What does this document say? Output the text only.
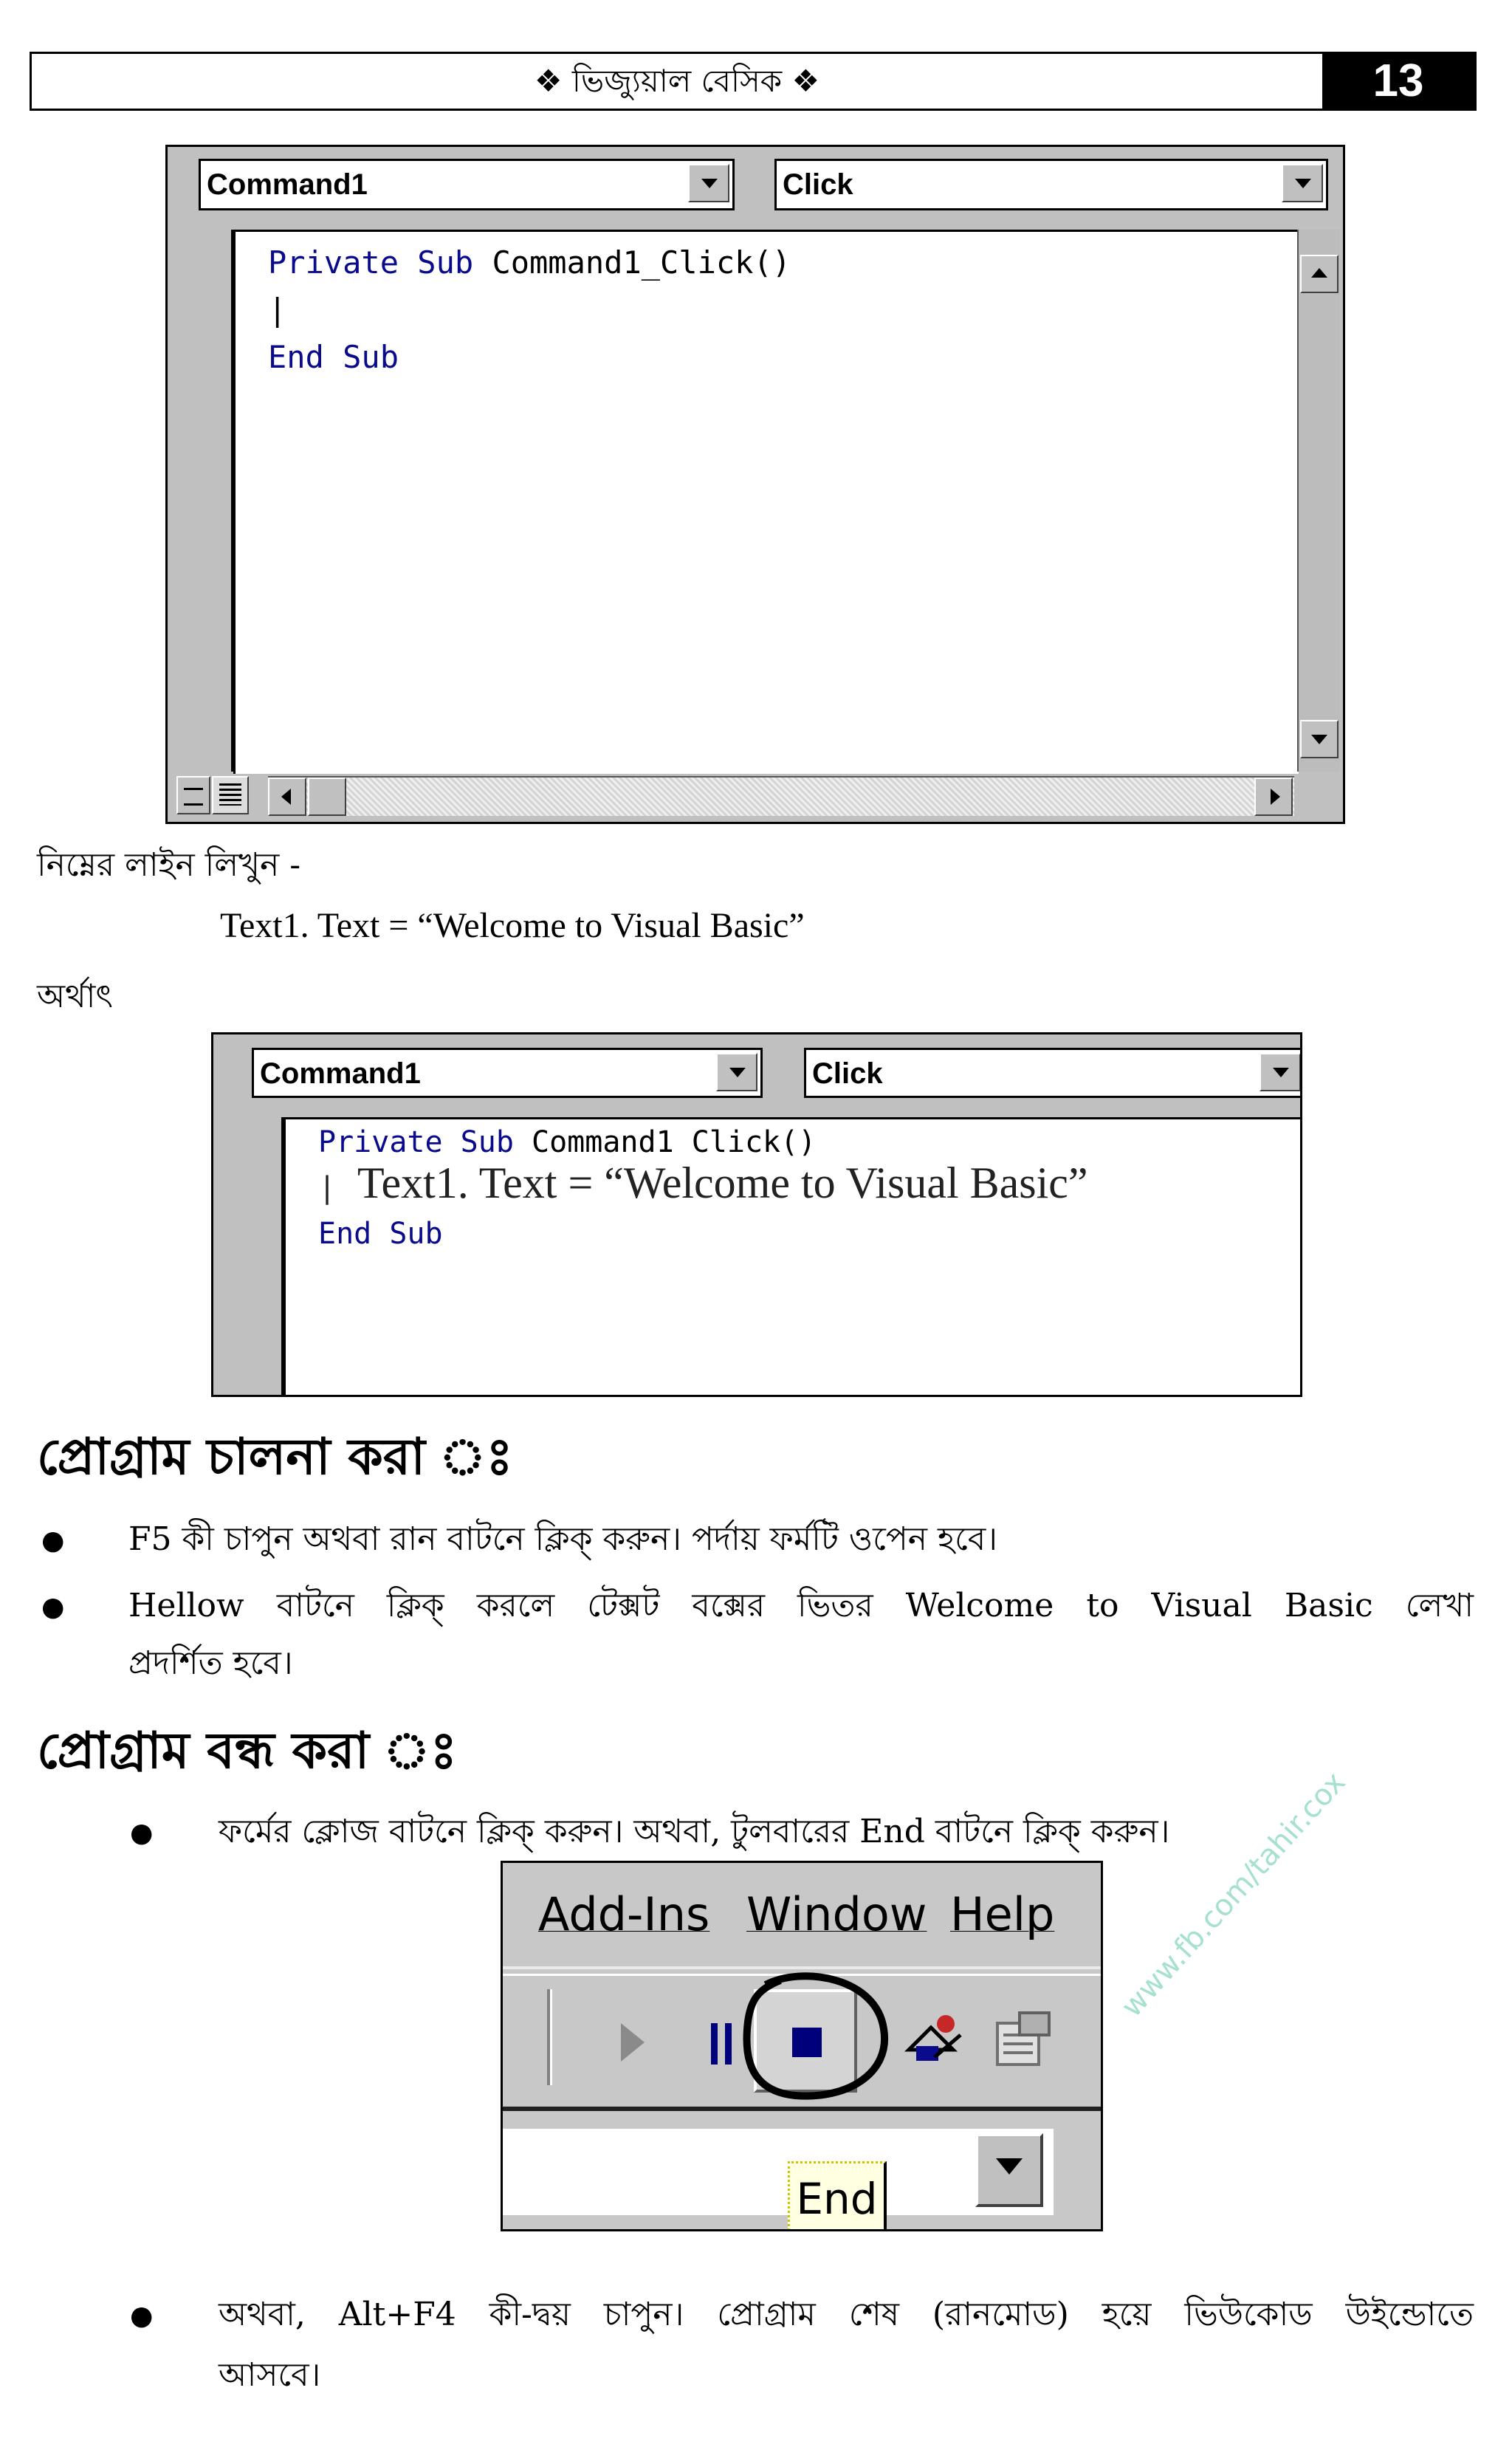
❖ ভিজ্যুয়াল বেসিক ❖	13
Command1	Click
Private Sub Command1_Click()
|
End Sub
নিম্নের লাইন লিখুন -
Text1. Text = “Welcome to Visual Basic”
অর্থাৎ
Command1	Click
Private Sub Command1 Click()
| Text1. Text = “Welcome to Visual Basic”
End Sub
প্রোগ্রাম চালনা করা ঃ
● F5 কী চাপুন অথবা রান বাটনে ক্লিক্ করুন। পর্দায় ফর্মটি ওপেন হবে।
● Hellow বাটনে ক্লিক্ করলে টেক্সট বক্সের ভিতর Welcome to Visual Basic লেখা
প্রদর্শিত হবে।
প্রোগ্রাম বন্ধ করা ঃ
● ফর্মের ক্লোজ বাটনে ক্লিক্ করুন। অথবা, টুলবারের End বাটনে ক্লিক্ করুন।
Add-Ins Window Help
End
www.fb.com/tahir.cox
● অথবা, Alt+F4 কী-দ্বয় চাপুন। প্রোগ্রাম শেষ (রানমোড) হয়ে ভিউকোড উইন্ডোতে
আসবে।
